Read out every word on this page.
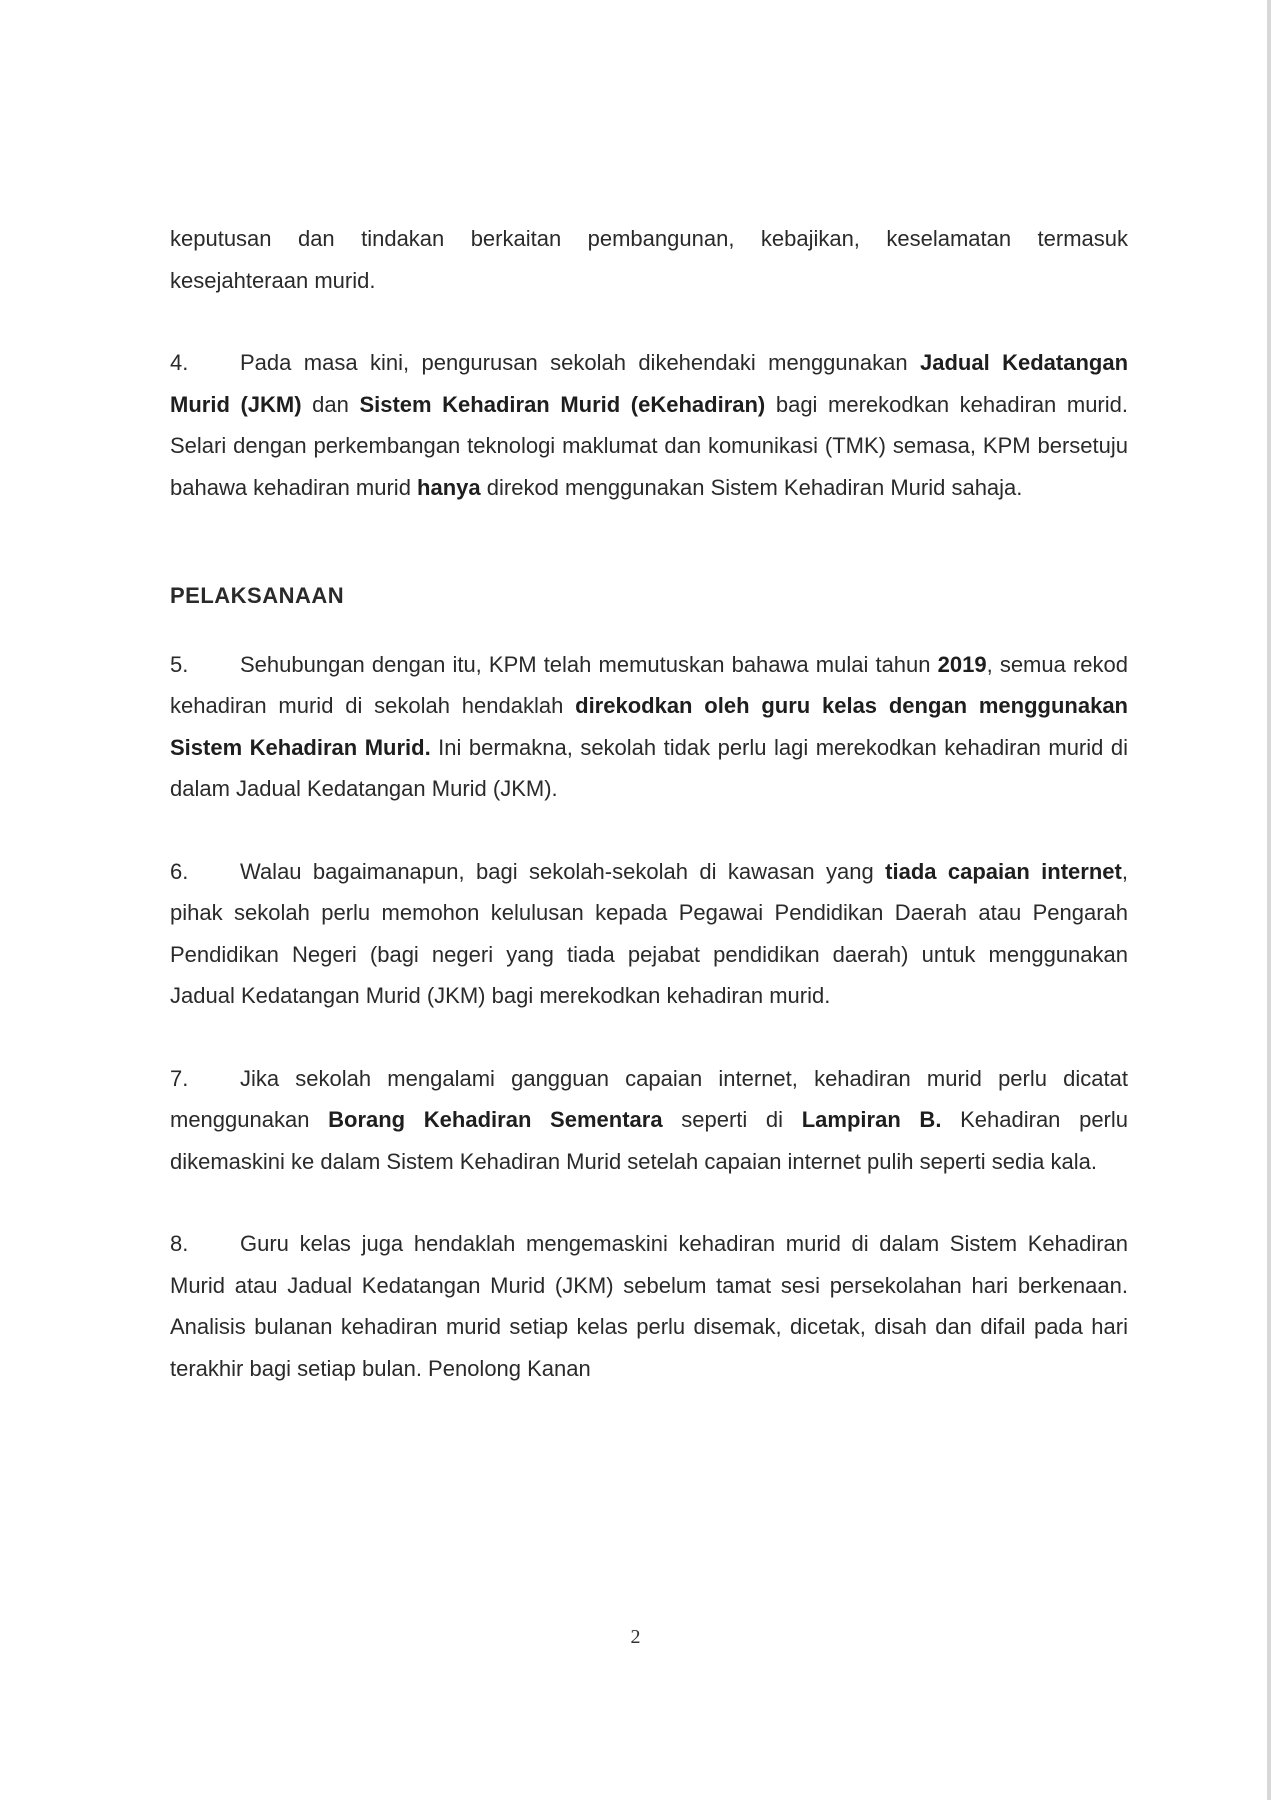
keputusan dan tindakan berkaitan pembangunan, kebajikan, keselamatan termasuk kesejahteraan murid.

4. Pada masa kini, pengurusan sekolah dikehendaki menggunakan Jadual Kedatangan Murid (JKM) dan Sistem Kehadiran Murid (eKehadiran) bagi merekodkan kehadiran murid. Selari dengan perkembangan teknologi maklumat dan komunikasi (TMK) semasa, KPM bersetuju bahawa kehadiran murid hanya direkod menggunakan Sistem Kehadiran Murid sahaja.

PELAKSANAAN

5. Sehubungan dengan itu, KPM telah memutuskan bahawa mulai tahun 2019, semua rekod kehadiran murid di sekolah hendaklah direkodkan oleh guru kelas dengan menggunakan Sistem Kehadiran Murid. Ini bermakna, sekolah tidak perlu lagi merekodkan kehadiran murid di dalam Jadual Kedatangan Murid (JKM).

6. Walau bagaimanapun, bagi sekolah-sekolah di kawasan yang tiada capaian internet, pihak sekolah perlu memohon kelulusan kepada Pegawai Pendidikan Daerah atau Pengarah Pendidikan Negeri (bagi negeri yang tiada pejabat pendidikan daerah) untuk menggunakan Jadual Kedatangan Murid (JKM) bagi merekodkan kehadiran murid.

7. Jika sekolah mengalami gangguan capaian internet, kehadiran murid perlu dicatat menggunakan Borang Kehadiran Sementara seperti di Lampiran B. Kehadiran perlu dikemaskini ke dalam Sistem Kehadiran Murid setelah capaian internet pulih seperti sedia kala.

8. Guru kelas juga hendaklah mengemaskini kehadiran murid di dalam Sistem Kehadiran Murid atau Jadual Kedatangan Murid (JKM) sebelum tamat sesi persekolahan hari berkenaan. Analisis bulanan kehadiran murid setiap kelas perlu disemak, dicetak, disah dan difail pada hari terakhir bagi setiap bulan. Penolong Kanan

2
